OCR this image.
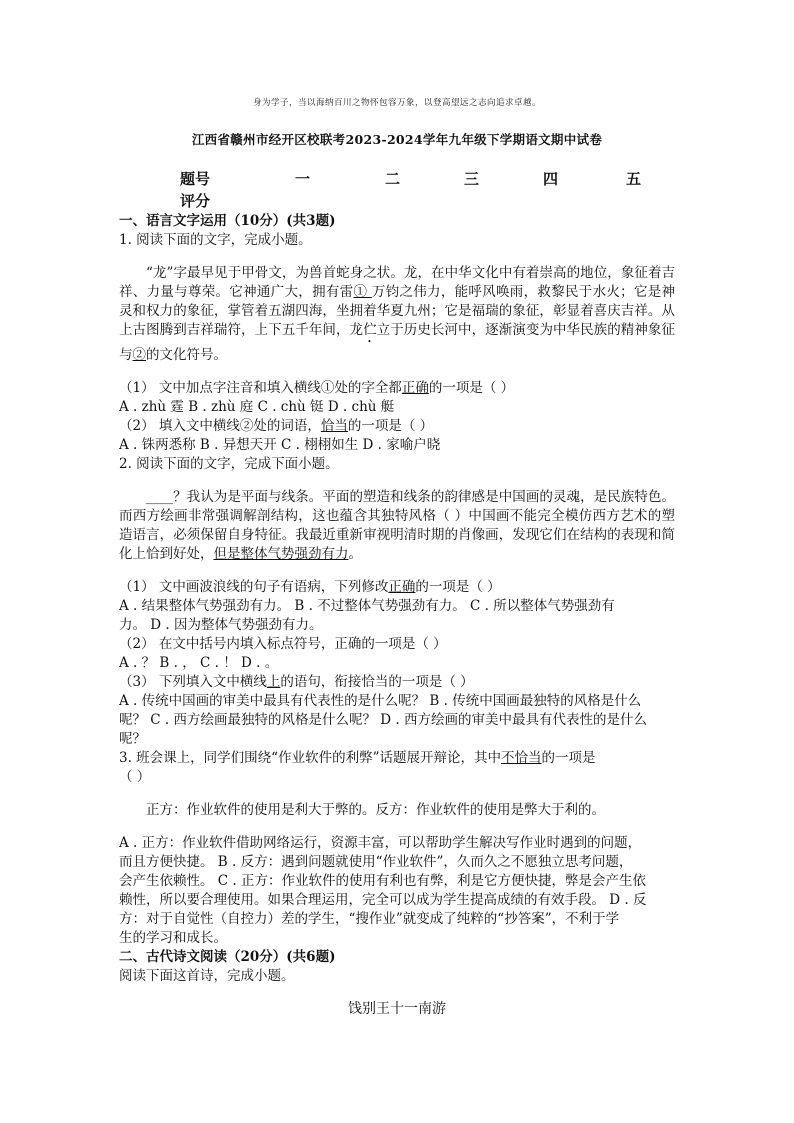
身为学子，当以海纳百川之物怀包容万象，以登高望远之志向追求卓越。
江西省赣州市经开区校联考2023-2024学年九年级下学期语文期中试卷
题号	一	二	三	四	五
评分
一、语言文字运用（10分）(共3题)
1. 阅读下面的文字，完成小题。
“龙”字最早见于甲骨文，为兽首蛇身之状。龙，在中华文化中有着崇高的地位，象征着吉祥、力量与尊荣。它神通广大，拥有雷① 万钧之伟力，能呼风唤雨，救黎民于水火；它是神灵和权力的象征，掌管着五湖四海，坐拥着华夏九州；它是福瑞的象征，彰显着喜庆吉祥。从上古图腾到吉祥瑞符，上下五千年间，龙伫立于历史长河中，逐渐演变为中华民族的精神象征与②的文化符号。
（1） 文中加点字注音和填入横线①处的字全都正确的一项是（ ）
A . zhù 霆 B . zhù 庭 C . chù 铤 D . chù 艇
（2） 填入文中横线②处的词语，恰当的一项是（ ）
A . 铢两悉称 B . 异想天开 C . 栩栩如生 D . 家喻户晓
2. 阅读下面的文字，完成下面小题。
____？我认为是平面与线条。平面的塑造和线条的韵律感是中国画的灵魂，是民族特色。而西方绘画非常强调解剖结构，这也蕴含其独特风格（ ）中国画不能完全模仿西方艺术的塑造语言，必须保留自身特征。我最近重新审视明清时期的肖像画，发现它们在结构的表现和简化上恰到好处，但是整体气势强劲有力。
（1） 文中画波浪线的句子有语病，下列修改正确的一项是（ ）
A . 结果整体气势强劲有力。 B . 不过整体气势强劲有力。 C . 所以整体气势强劲有
力。 D . 因为整体气势强劲有力。
（2） 在文中括号内填入标点符号，正确的一项是（ ）
A . ？ B . ， C . ！ D . 。
（3） 下列填入文中横线上的语句，衔接恰当的一项是（ ）
A . 传统中国画的审美中最具有代表性的是什么呢？ B . 传统中国画最独特的风格是什么
呢？ C . 西方绘画最独特的风格是什么呢？ D . 西方绘画的审美中最具有代表性的是什么
呢？
3. 班会课上，同学们围绕“作业软件的利弊”话题展开辩论，其中不恰当的一项是
（ ）
正方：作业软件的使用是利大于弊的。反方：作业软件的使用是弊大于利的。
A . 正方：作业软件借助网络运行，资源丰富，可以帮助学生解决写作业时遇到的问题，
而且方便快捷。 B . 反方：遇到问题就使用“作业软件”，久而久之不愿独立思考问题，
会产生依赖性。 C . 正方：作业软件的使用有利也有弊，利是它方便快捷，弊是会产生依
赖性，所以要合理使用。如果合理运用，完全可以成为学生提高成绩的有效手段。 D . 反
方：对于自觉性（自控力）差的学生，“搜作业”就变成了纯粹的“抄答案”，不利于学
生的学习和成长。
二、古代诗文阅读（20分）(共6题)
阅读下面这首诗，完成小题。
饯别王十一南游
